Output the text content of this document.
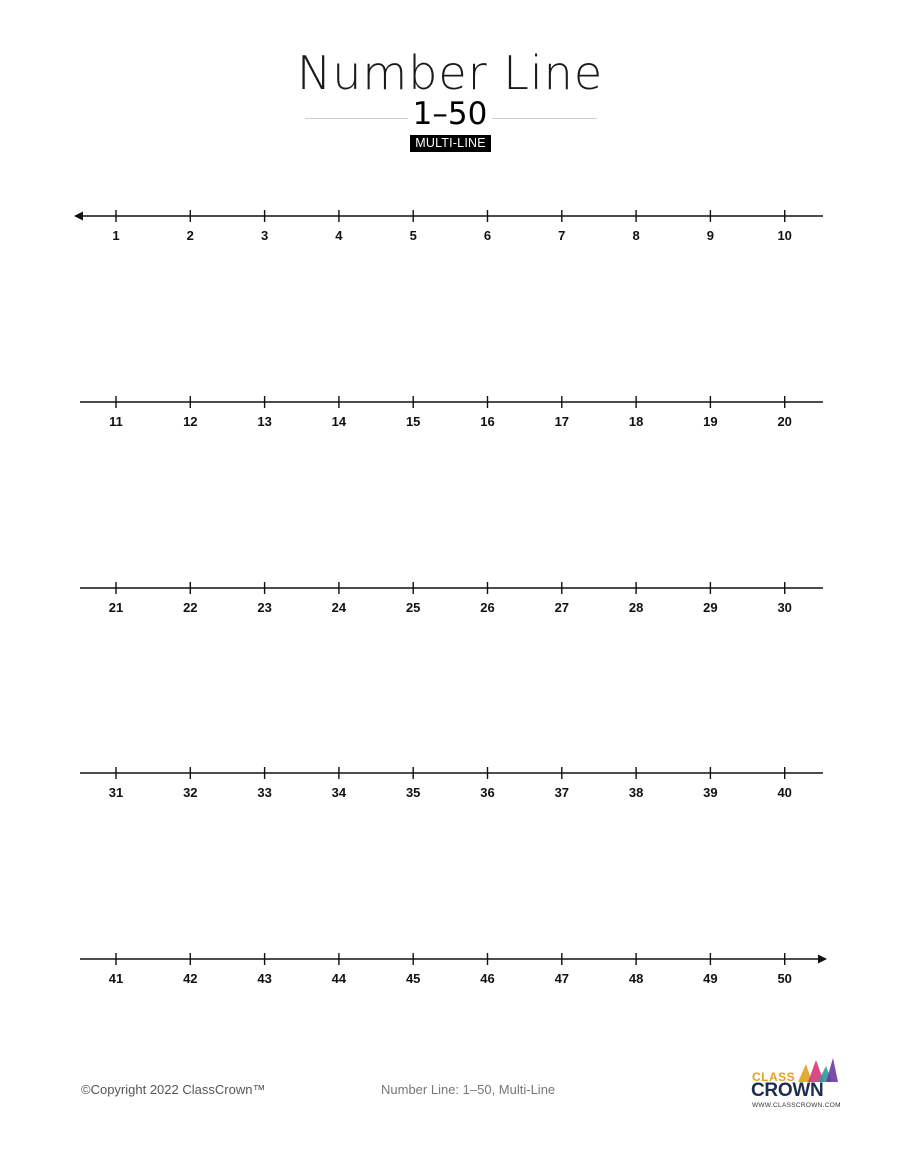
Number Line
1–50
MULTI-LINE
1	2	3	4	5	6	7	8	9	10
11	12	13	14	15	16	17	18	19	20
21	22	23	24	25	26	27	28	29	30
31	32	33	34	35	36	37	38	39	40
41	42	43	44	45	46	47	48	49	50
©Copyright 2022 ClassCrown™	Number Line: 1–50, Multi-Line
CLASS
CROWN
WWW.CLASSCROWN.COM
